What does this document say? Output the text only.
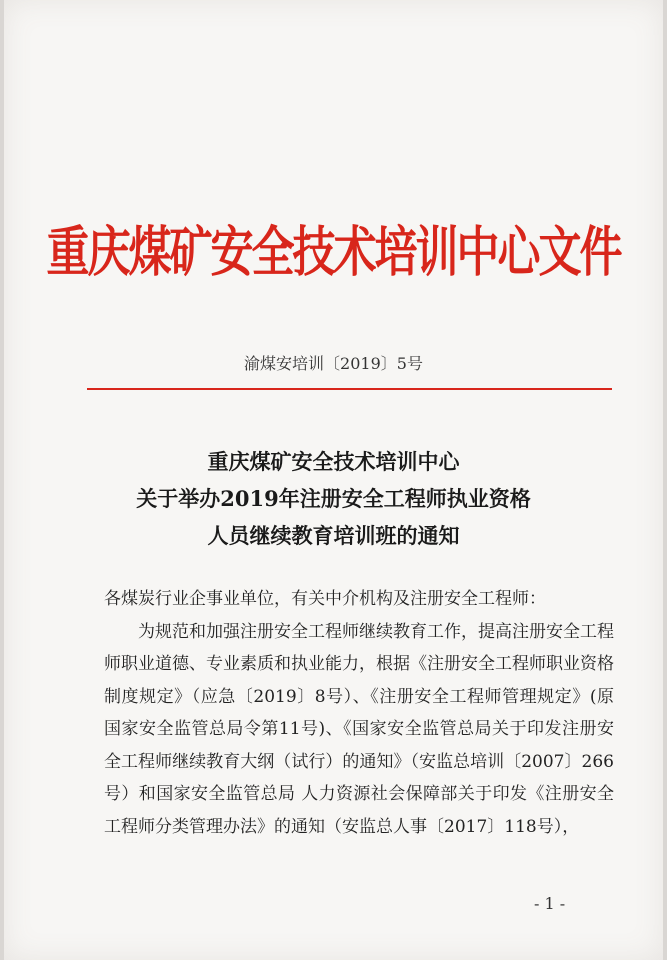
重庆煤矿安全技术培训中心文件
渝煤安培训〔2019〕5号
重庆煤矿安全技术培训中心
关于举办2019年注册安全工程师执业资格
人员继续教育培训班的通知

各煤炭行业企事业单位，有关中介机构及注册安全工程师：

为规范和加强注册安全工程师继续教育工作，提高注册安全工程师职业道德、专业素质和执业能力，根据《注册安全工程师职业资格制度规定》（应急〔2019〕8号）、《注册安全工程师管理规定》(原国家安全监管总局令第11号)、《国家安全监管总局关于印发注册安全工程师继续教育大纲（试行）的通知》（安监总培训〔2007〕266号）和国家安全监管总局 人力资源社会保障部关于印发《注册安全工程师分类管理办法》的通知（安监总人事〔2017〕118号），

- 1 -
